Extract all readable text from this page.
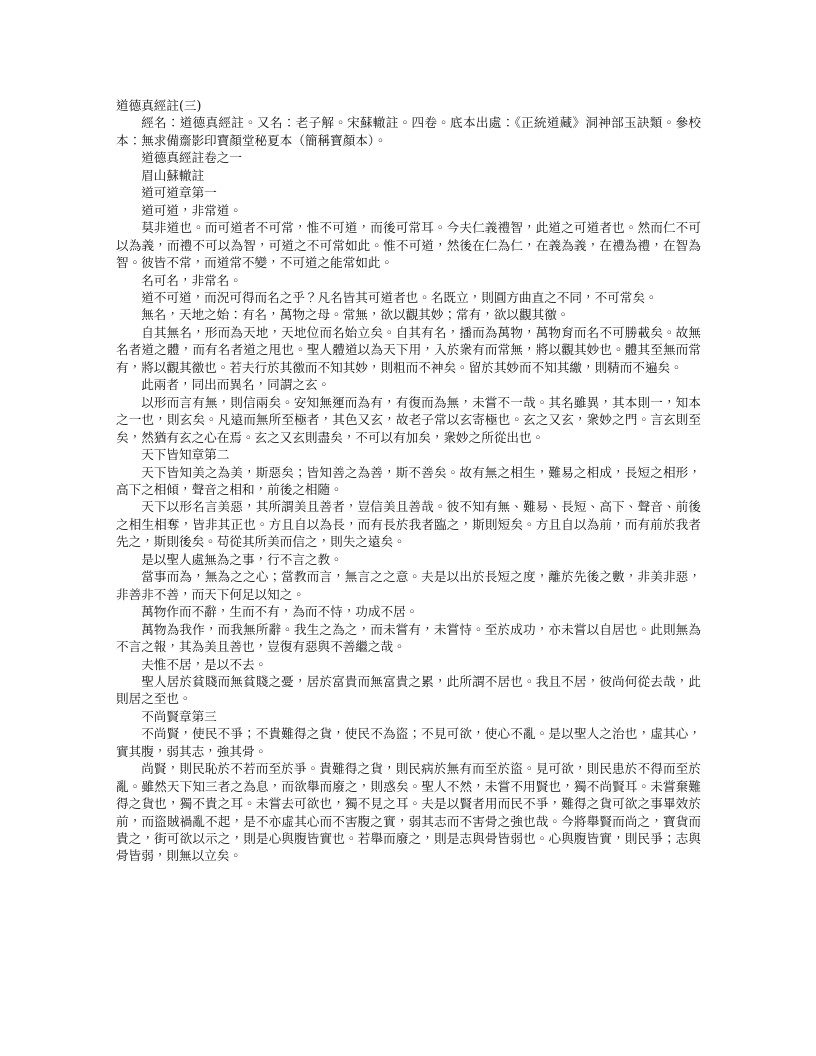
道德真經註(三)

經名：道德真經註。又名：老子解。宋蘇轍註。四卷。底本出處：《正統道藏》洞神部玉訣類。參校本：無求備齋影印寶顏堂秘夏本（簡稱寶顏本）。

道德真經註卷之一

眉山蘇轍註

道可道章第一

道可道，非常道。

莫非道也。而可道者不可常，惟不可道，而後可常耳。今夫仁義禮智，此道之可道者也。然而仁不可以為義，而禮不可以為智，可道之不可常如此。惟不可道，然後在仁為仁，在義為義，在禮為禮，在智為智。彼皆不常，而道常不變，不可道之能常如此。

名可名，非常名。

道不可道，而況可得而名之乎？凡名皆其可道者也。名既立，則圓方曲直之不同，不可常矣。

無名，天地之始：有名，萬物之母。常無，欲以觀其妙；常有，欲以觀其徼。

自其無名，形而為天地，天地位而名始立矣。自其有名，播而為萬物，萬物育而名不可勝載矣。故無名者道之體，而有名者道之甩也。聖人體道以為天下用，入於衆有而常無，將以觀其妙也。體其至無而常有，將以觀其徼也。若夫行於其徼而不知其妙，則粗而不神矣。留於其妙而不知其繳，則精而不遍矣。

此兩者，同出而異名，同謂之玄。

以形而言有無，則信兩矣。安知無運而為有，有復而為無，未嘗不一哉。其名雖異，其本則一，知本之一也，則玄矣。凡遠而無所至極者，其色又玄，故老子常以玄寄極也。玄之又玄，衆妙之門。言玄則至矣，然猶有玄之心在焉。玄之又玄則盡矣，不可以有加矣，衆妙之所從出也。

天下皆知章第二

天下皆知美之為美，斯惡矣；皆知善之為善，斯不善矣。故有無之相生，難易之相成，長短之相形，高下之相傾，聲音之相和，前後之相隨。

天下以形名言美惡，其所謂美且善者，豈信美且善哉。彼不知有無、難易、長短、高下、聲音、前後之相生相奪，皆非其正也。方且自以為長，而有長於我者臨之，斯則短矣。方且自以為前，而有前於我者先之，斯則後矣。苟從其所美而信之，則失之遠矣。

是以聖人處無為之事，行不言之教。

當事而為，無為之之心；當教而言，無言之之意。夫是以出於長短之度，離於先後之數，非美非惡，非善非不善，而天下何足以知之。

萬物作而不辭，生而不有，為而不恃，功成不居。

萬物為我作，而我無所辭。我生之為之，而未嘗有，未嘗恃。至於成功，亦未嘗以自居也。此則無為不言之報，其為美且善也，豈復有惡與不善繼之哉。

夫惟不居，是以不去。

聖人居於貧賤而無貧賤之憂，居於富貴而無富貴之累，此所謂不居也。我且不居，彼尚何從去哉，此則居之至也。

不尚賢章第三

不尚賢，使民不爭；不貴難得之貨，使民不為盜；不見可欲，使心不亂。是以聖人之治也，虛其心，實其腹，弱其志，強其骨。

尚賢，則民恥於不若而至於爭。貴難得之貨，則民病於無有而至於盜。見可欲，則民患於不得而至於亂。雖然天下知三者之為息，而欲舉而廢之，則惑矣。聖人不然，未嘗不用賢也，獨不尚賢耳。未嘗棄難得之貨也，獨不貴之耳。未嘗去可欲也，獨不見之耳。夫是以賢者用而民不爭，難得之貨可欲之事畢效於前，而盜賊禍亂不起，是不亦虛其心而不害腹之實，弱其志而不害骨之強也哉。今將舉賢而尚之，寶貨而貴之，街可欲以示之，則是心與腹皆實也。若舉而廢之，則是志與骨皆弱也。心與腹皆實，則民爭；志與骨皆弱，則無以立矣。
